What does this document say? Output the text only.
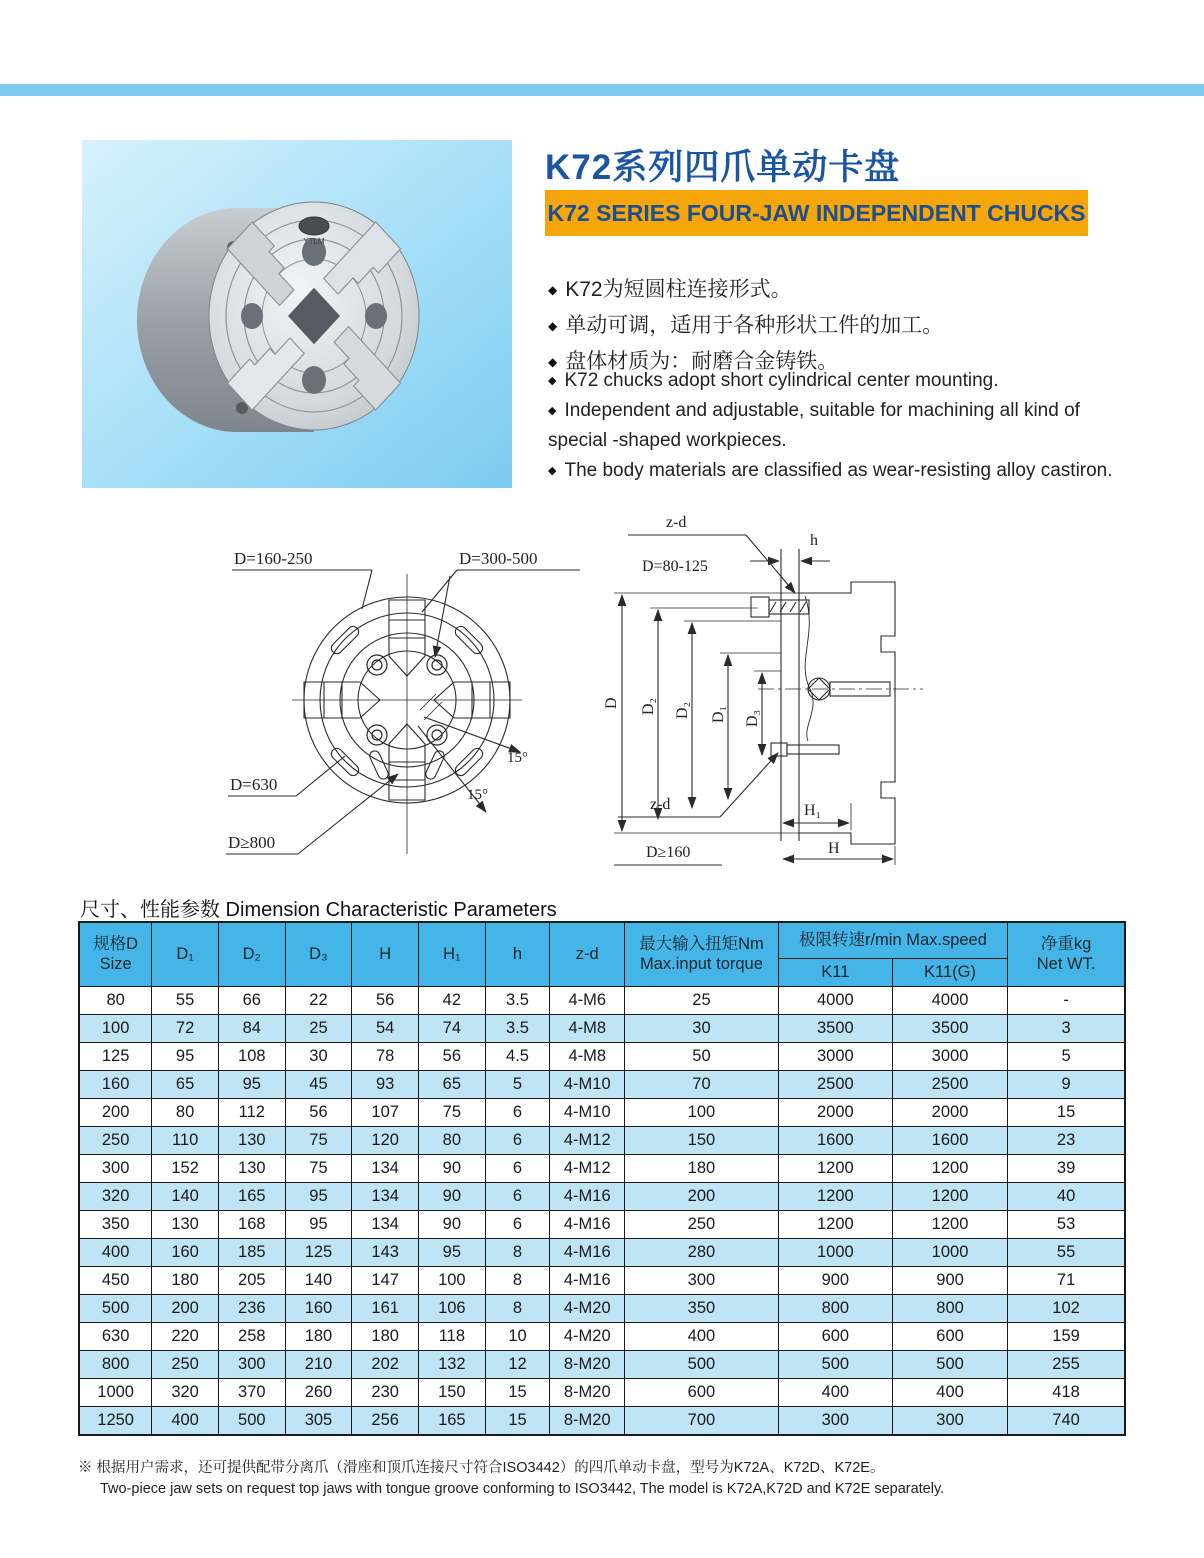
YTLM
K72系列四爪单动卡盘
K72 SERIES FOUR-JAW INDEPENDENT CHUCKS
◆ K72为短圆柱连接形式。
◆ 单动可调，适用于各种形状工件的加工。
◆ 盘体材质为：耐磨合金铸铁。
◆ K72 chucks adopt short cylindrical center mounting.
◆ Independent and adjustable, suitable for machining all kind of special -shaped workpieces.
◆ The body materials are classified as wear-resisting alloy castiron.
D=160-250	D=300-500
D=630
D≥800
15°
15°
z-d
D=80-125
h
D D₂ D₂ D₁ D₃
z-d
D≥160
H₁
H
尺寸、性能参数 Dimension Characteristic Parameters
规格D
Size	D₁	D₂	D₃	H	H₁	h	z-d	最大输入扭矩Nm
Max.input torque	极限转速r/min Max.speed		净重kg
Net WT.

									K11	K11(G)	
80	55	66	22	56	42	3.5	4-M6	25	4000	4000	-
100	72	84	25	54	74	3.5	4-M8	30	3500	3500	3
125	95	108	30	78	56	4.5	4-M8	50	3000	3000	5
160	65	95	45	93	65	5	4-M10	70	2500	2500	9
200	80	112	56	107	75	6	4-M10	100	2000	2000	15
250	110	130	75	120	80	6	4-M12	150	1600	1600	23
300	152	130	75	134	90	6	4-M12	180	1200	1200	39
320	140	165	95	134	90	6	4-M16	200	1200	1200	40
350	130	168	95	134	90	6	4-M16	250	1200	1200	53
400	160	185	125	143	95	8	4-M16	280	1000	1000	55
450	180	205	140	147	100	8	4-M16	300	900	900	71
500	200	236	160	161	106	8	4-M20	350	800	800	102
630	220	258	180	180	118	10	4-M20	400	600	600	159
800	250	300	210	202	132	12	8-M20	500	500	500	255
1000	320	370	260	230	150	15	8-M20	600	400	400	418
1250	400	500	305	256	165	15	8-M20	700	300	300	740
※ 根据用户需求，还可提供配带分离爪（滑座和顶爪连接尺寸符合ISO3442）的四爪单动卡盘，型号为K72A、K72D、K72E。
Two-piece jaw sets on request top jaws with tongue groove conforming to ISO3442, The model is K72A,K72D and K72E separately.
